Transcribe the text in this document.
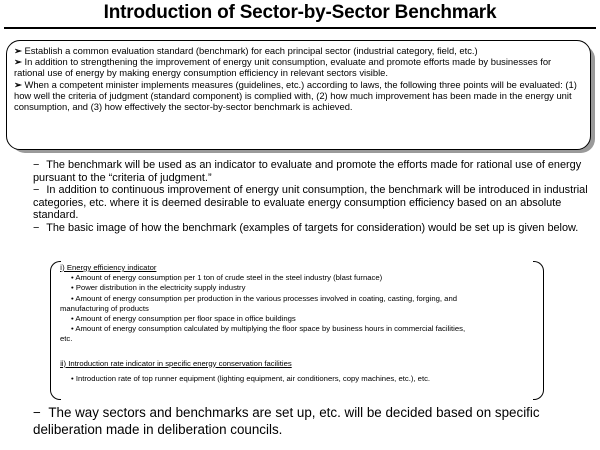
Introduction of Sector-by-Sector Benchmark

➢ Establish a common evaluation standard (benchmark) for each principal sector (industrial category, field, etc.)

➢ In addition to strengthening the improvement of energy unit consumption, evaluate and promote efforts made by businesses for rational use of energy by making energy consumption efficiency in relevant sectors visible.

➢ When a competent minister implements measures (guidelines, etc.) according to laws, the following three points will be evaluated: (1) how well the criteria of judgment (standard component) is complied with, (2) how much improvement has been made in the energy unit consumption, and (3) how effectively the sector-by-sector benchmark is achieved.

− The benchmark will be used as an indicator to evaluate and promote the efforts made for rational use of energy pursuant to the “criteria of judgment.”

− In addition to continuous improvement of energy unit consumption, the benchmark will be introduced in industrial categories, etc. where it is deemed desirable to evaluate energy consumption efficiency based on an absolute standard.

− The basic image of how the benchmark (examples of targets for consideration) would be set up is given below.

ⅰ) Energy efficiency indicator

• Amount of energy consumption per 1 ton of crude steel in the steel industry (blast furnace)

• Power distribution in the electricity supply industry

• Amount of energy consumption per production in the various processes involved in coating, casting, forging, and

manufacturing of products

• Amount of energy consumption per floor space in office buildings

• Amount of energy consumption calculated by multiplying the floor space by business hours in commercial facilities,

etc.

ⅱ) Introduction rate indicator in specific energy conservation facilities

• Introduction rate of top runner equipment (lighting equipment, air conditioners, copy machines, etc.), etc.

− The way sectors and benchmarks are set up, etc. will be decided based on specific deliberation made in deliberation councils.
